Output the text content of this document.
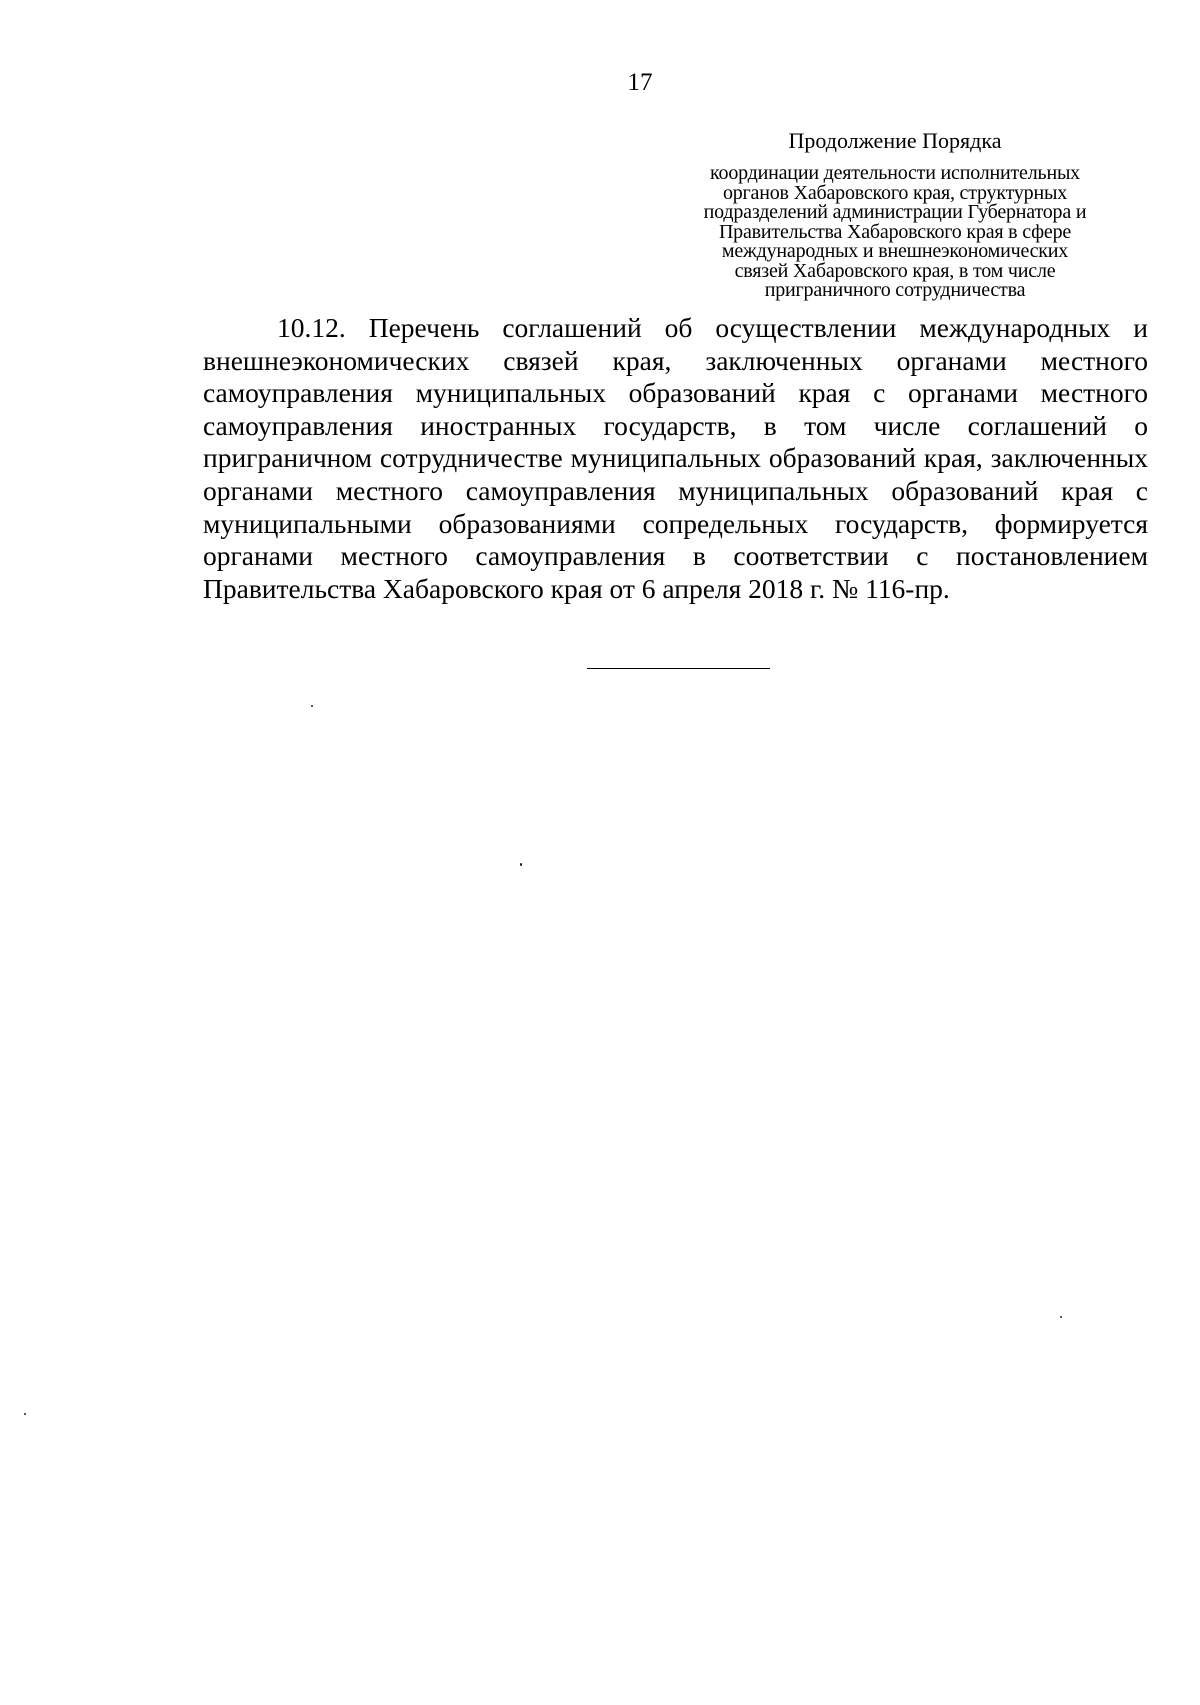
17
Продолжение Порядка
координации деятельности исполнительных
органов Хабаровского края, структурных
подразделений администрации Губернатора и
Правительства Хабаровского края в сфере
международных и внешнеэкономических
связей Хабаровского края, в том числе
приграничного сотрудничества
10.12. Перечень соглашений об осуществлении международных и
внешнеэкономических связей края, заключенных органами местного
самоуправления муниципальных образований края с органами местного
самоуправления иностранных государств, в том числе соглашений о
приграничном сотрудничестве муниципальных образований края, заключенных
органами местного самоуправления муниципальных образований края с
муниципальными образованиями сопредельных государств, формируется
органами местного самоуправления в соответствии с постановлением
Правительства Хабаровского края от 6 апреля 2018 г. № 116-пр.
